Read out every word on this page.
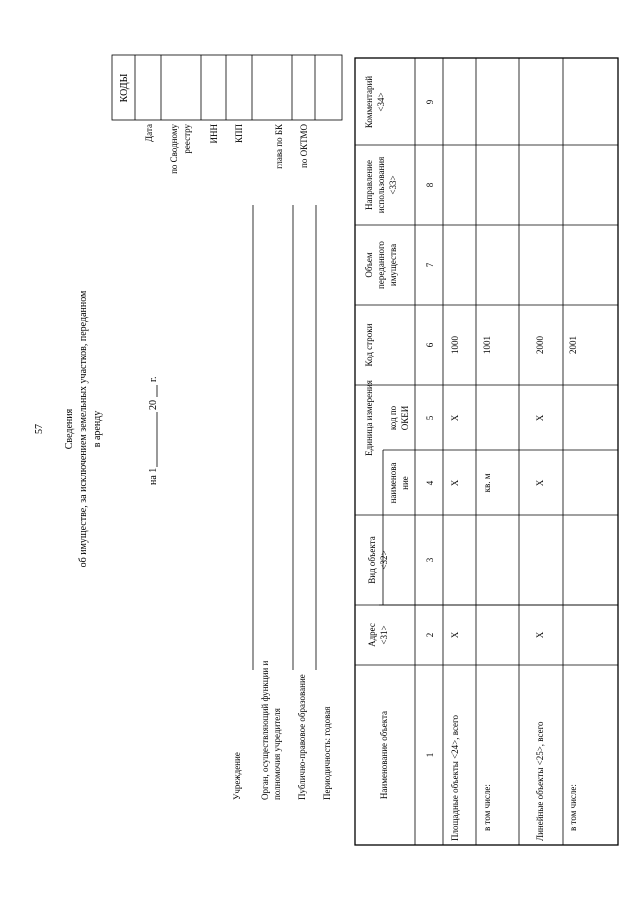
57 Сведения об имуществе, за исключением земельных участков, переданном в аренду
на 1
20
г.
КОДЫ
Дата по Сводному реестру ИНН КПП	глава по БК по ОКТМО
Учреждение Орган, осуществляющий функции и полномочия учредителя Публично-правовое образование Периодичность: годовая	Наименование объекта
Адрес <31>
Вид объекта <32>
Единица измерения
наименова ние
код по ОКЕИ
Код строки
Объем переданного имущества
Направление использования <33>
Комментарий <34>
1
2
3
4
5
6
7
8
9
Площадные объекты <24>, всего
X
X
X
1000
в том числе:
кв. м
1001
Линейные объекты <25>, всего
X
X
X
2000
в том числе:
2001
